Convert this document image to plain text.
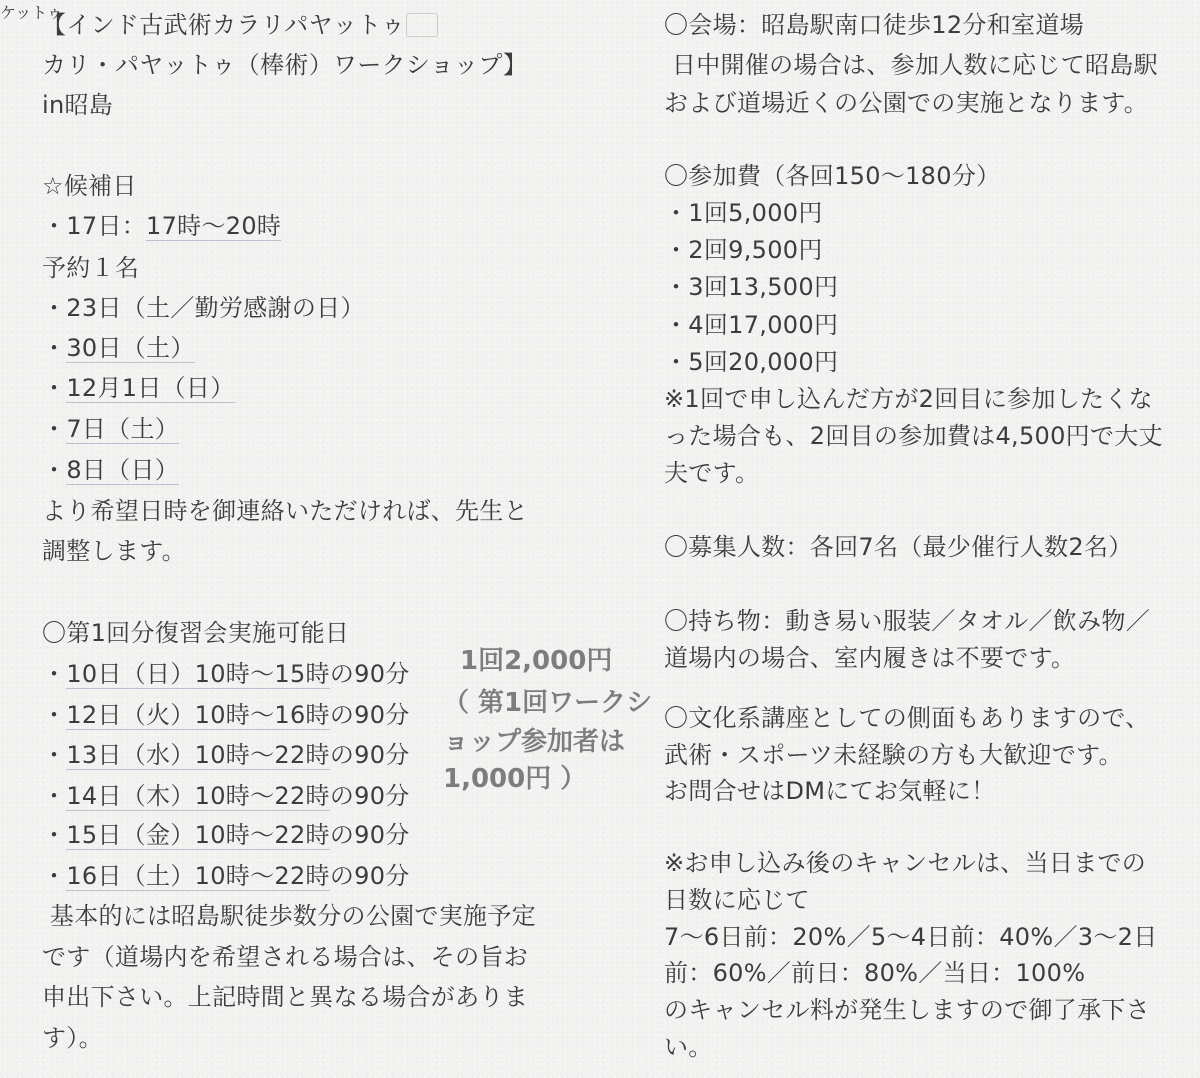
【インド古武術カラリパヤットゥ

ケットゥ

カリ・パヤットゥ（棒術）ワークショップ】

in昭島

☆候補日

・17日：17時〜20時

予約１名

・23日（土／勤労感謝の日）

・30日（土）

・12月1日（日）

・7日（土）

・8日（日）

より希望日時を御連絡いただければ、先生と

調整します。

〇第1回分復習会実施可能日

・10日（日）10時〜15時の90分

・12日（火）10時〜16時の90分

・13日（水）10時〜22時の90分

・14日（木）10時〜22時の90分

・15日（金）10時〜22時の90分

・16日（土）10時〜22時の90分

基本的には昭島駅徒歩数分の公園で実施予定

です（道場内を希望される場合は、その旨お

申出下さい。上記時間と異なる場合がありま

す）。

1回2,000円

（ 第1回ワークシ

ョップ参加者は

1,000円 ）

〇会場：昭島駅南口徒歩12分和室道場

日中開催の場合は、参加人数に応じて昭島駅

および道場近くの公園での実施となります。

〇参加費（各回150〜180分）

・1回5,000円

・2回9,500円

・3回13,500円

・4回17,000円

・5回20,000円

※1回で申し込んだ方が2回目に参加したくな

った場合も、2回目の参加費は4,500円で大丈

夫です。

〇募集人数：各回7名（最少催行人数2名）

〇持ち物：動き易い服装／タオル／飲み物／

道場内の場合、室内履きは不要です。

〇文化系講座としての側面もありますので、

武術・スポーツ未経験の方も大歓迎です。

お問合せはDMにてお気軽に！

※お申し込み後のキャンセルは、当日までの

日数に応じて

7〜6日前：20%／5〜4日前：40%／3〜2日

前：60%／前日：80%／当日：100%

のキャンセル料が発生しますので御了承下さ

い。
